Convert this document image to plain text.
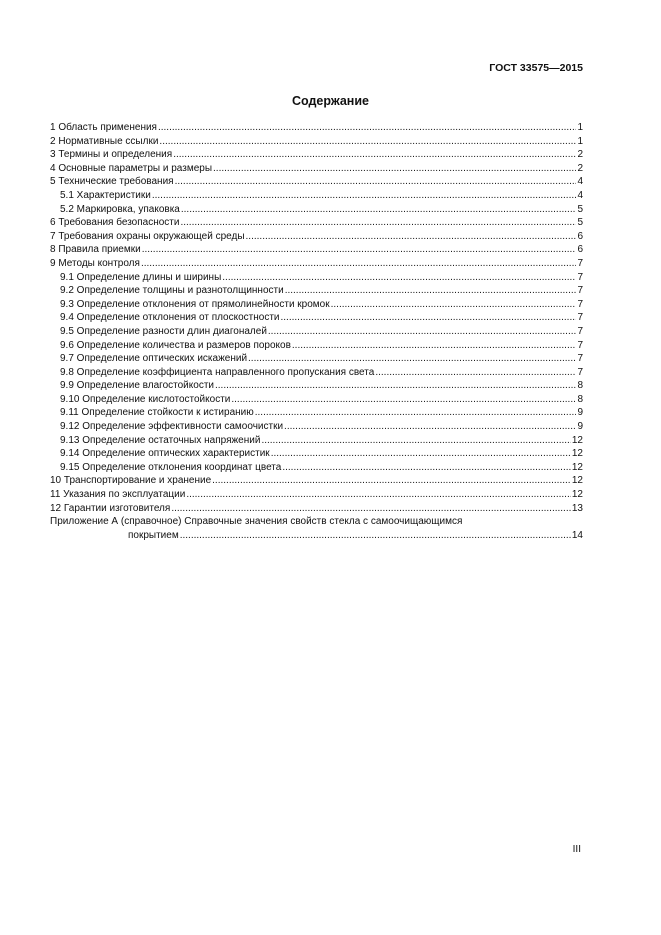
ГОСТ 33575—2015
Содержание
1 Область применения .....	1
2 Нормативные ссылки .....	1
3 Термины и определения .....	2
4 Основные параметры и размеры .....	2
5 Технические требования .....	4
5.1 Характеристики .....	4
5.2 Маркировка, упаковка .....	5
6 Требования безопасности .....	5
7 Требования охраны окружающей среды .....	6
8 Правила приемки .....	6
9 Методы контроля .....	7
9.1 Определение длины и ширины .....	7
9.2 Определение толщины и разнотолщинности .....	7
9.3 Определение отклонения от прямолинейности кромок .....	7
9.4 Определение отклонения от плоскостности .....	7
9.5 Определение разности длин диагоналей .....	7
9.6 Определение количества и размеров пороков .....	7
9.7 Определение оптических искажений .....	7
9.8 Определение коэффициента направленного пропускания света .....	7
9.9 Определение влагостойкости .....	8
9.10 Определение кислотостойкости .....	8
9.11 Определение стойкости к истиранию .....	9
9.12 Определение эффективности самоочистки .....	9
9.13 Определение остаточных напряжений .....	12
9.14 Определение оптических характеристик .....	12
9.15 Определение отклонения координат цвета .....	12
10 Транспортирование и хранение .....	12
11 Указания по эксплуатации .....	12
12 Гарантии изготовителя .....	13
Приложение А (справочное) Справочные значения свойств стекла с самоочищающимся
покрытием .....	14
III
